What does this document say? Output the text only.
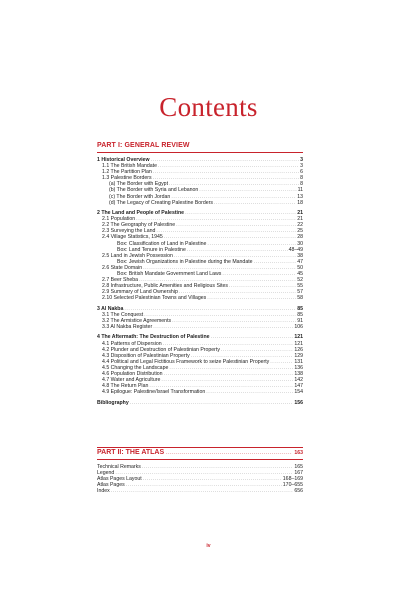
Contents
PART I: GENERAL REVIEW
1 Historical Overview .....	3
1.1 The British Mandate .....	3
1.2 The Partition Plan .....	6
1.3 Palestine Borders .....	8
(a) The Border with Egypt .....	8
(b) The Border with Syria and Lebanon .....	11
(c) The Border with Jordan .....	13
(d) The Legacy of Creating Palestine Borders .....	18
2 The Land and People of Palestine .....	21
2.1 Population .....	21
2.2 The Geography of Palestine .....	22
2.3 Surveying the Land .....	25
2.4 Village Statistics, 1945 .....	28
Box: Classification of Land in Palestine .....	30
Box: Land Tenure in Palestine .....	48–49
2.5 Land in Jewish Possession .....	38
Box: Jewish Organizations in Palestine during the Mandate .....	47
2.6 State Domain .....	50
Box: British Mandate Government Land Laws .....	45
2.7 Beer Sheba .....	52
2.8 Infrastructure, Public Amenities and Religious Sites .....	55
2.9 Summary of Land Ownership .....	57
2.10 Selected Palestinian Towns and Villages .....	58
3 Al Nakba .....	85
3.1 The Conquest .....	85
3.2 The Armistice Agreements .....	91
3.3 Al Nakba Register .....	106
4 The Aftermath: The Destruction of Palestine .....	121
4.1 Patterns of Dispersion .....	121
4.2 Plunder and Destruction of Palestinian Property .....	126
4.3 Disposition of Palestinian Property .....	129
4.4 Political and Legal Fictitious Framework to seize Palestinian Property .....	131
4.5 Changing the Landscape .....	136
4.6 Population Distribution .....	138
4.7 Water and Agriculture .....	142
4.8 The Return Plan .....	147
4.9 Epilogue: Palestine/Israel Transformation .....	154
Bibliography .....	156
PART II: THE ATLAS .....	163
Technical Remarks .....	165
Legend .....	167
Atlas Pages Layout .....	168–169
Atlas Pages .....	170–655
Index .....	656
iv
